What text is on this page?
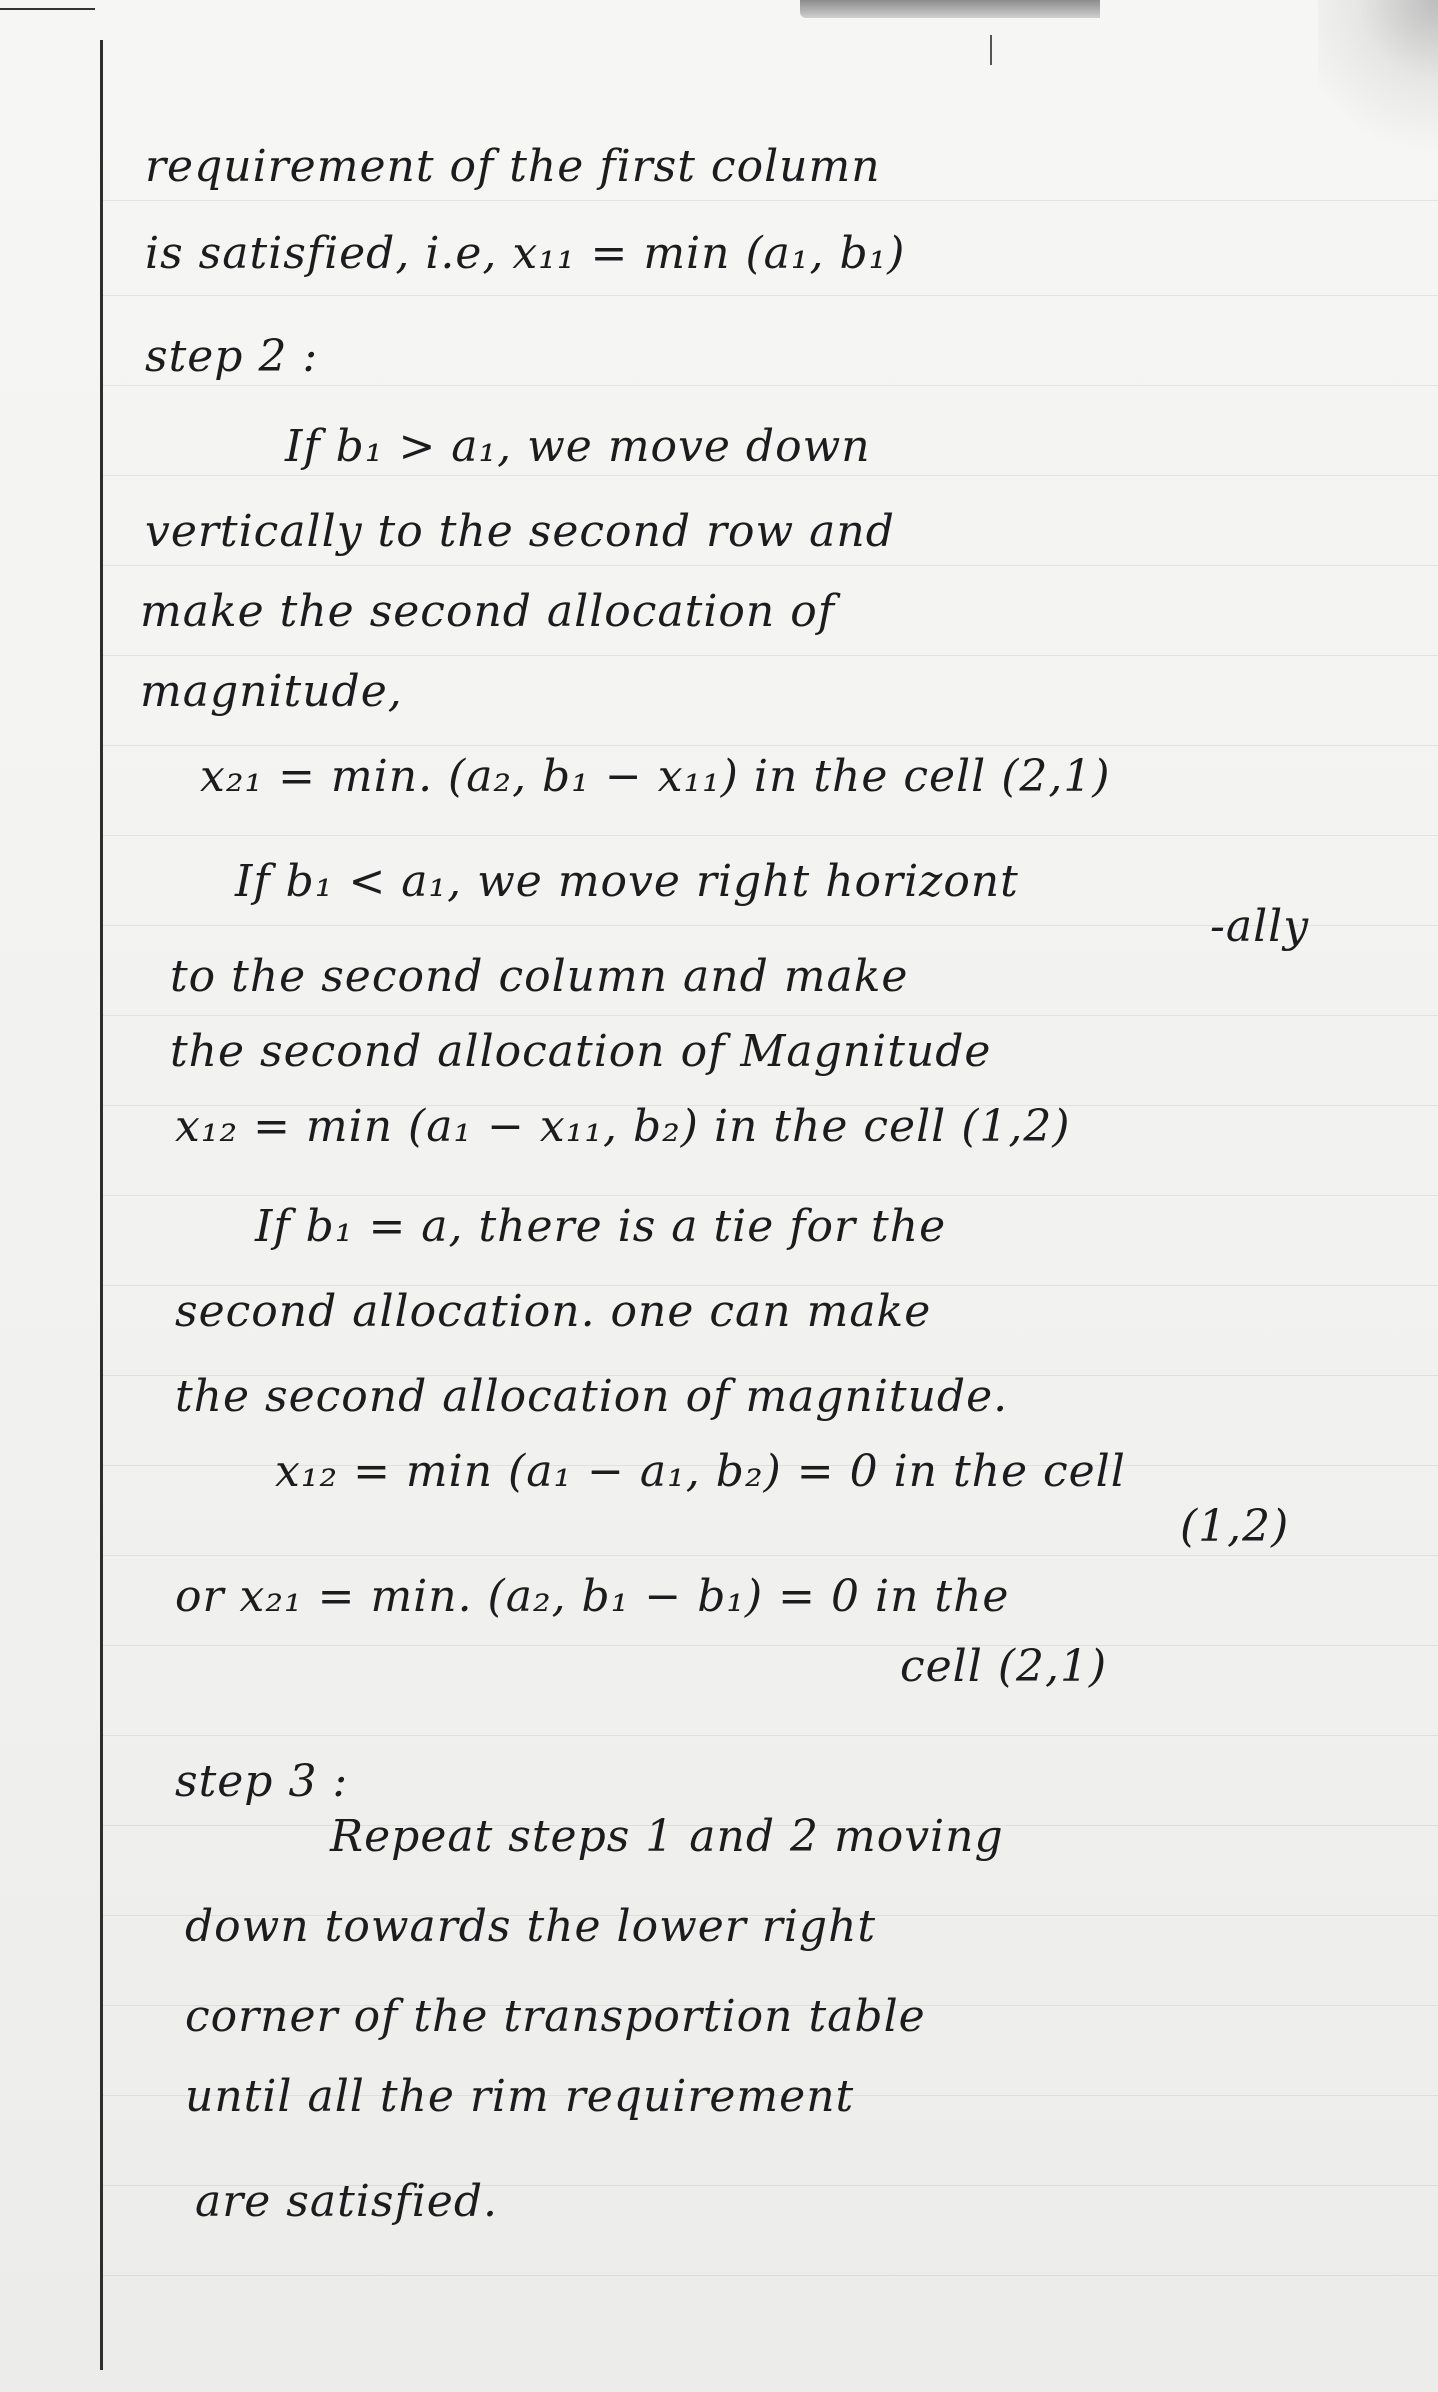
requirement of the first column
is satisfied, i.e, x₁₁ = min (a₁, b₁)
step 2 :
If b₁ > a₁, we move down
vertically to the second row and
make the second allocation of
magnitude,
x₂₁ = min. (a₂, b₁ − x₁₁) in the cell (2,1)
If b₁ < a₁, we move right horizont
-ally
to the second column and make
the second allocation of Magnitude
x₁₂ = min (a₁ − x₁₁, b₂) in the cell (1,2)
If b₁ = a, there is a tie for the
second allocation. one can make
the second allocation of magnitude.
x₁₂ = min (a₁ − a₁, b₂) = 0 in the cell
(1,2)
or x₂₁ = min. (a₂, b₁ − b₁) = 0 in the
cell (2,1)
step 3 :
Repeat steps 1 and 2 moving
down towards the lower right
corner of the transportion table
until all the rim requirement
are satisfied.
